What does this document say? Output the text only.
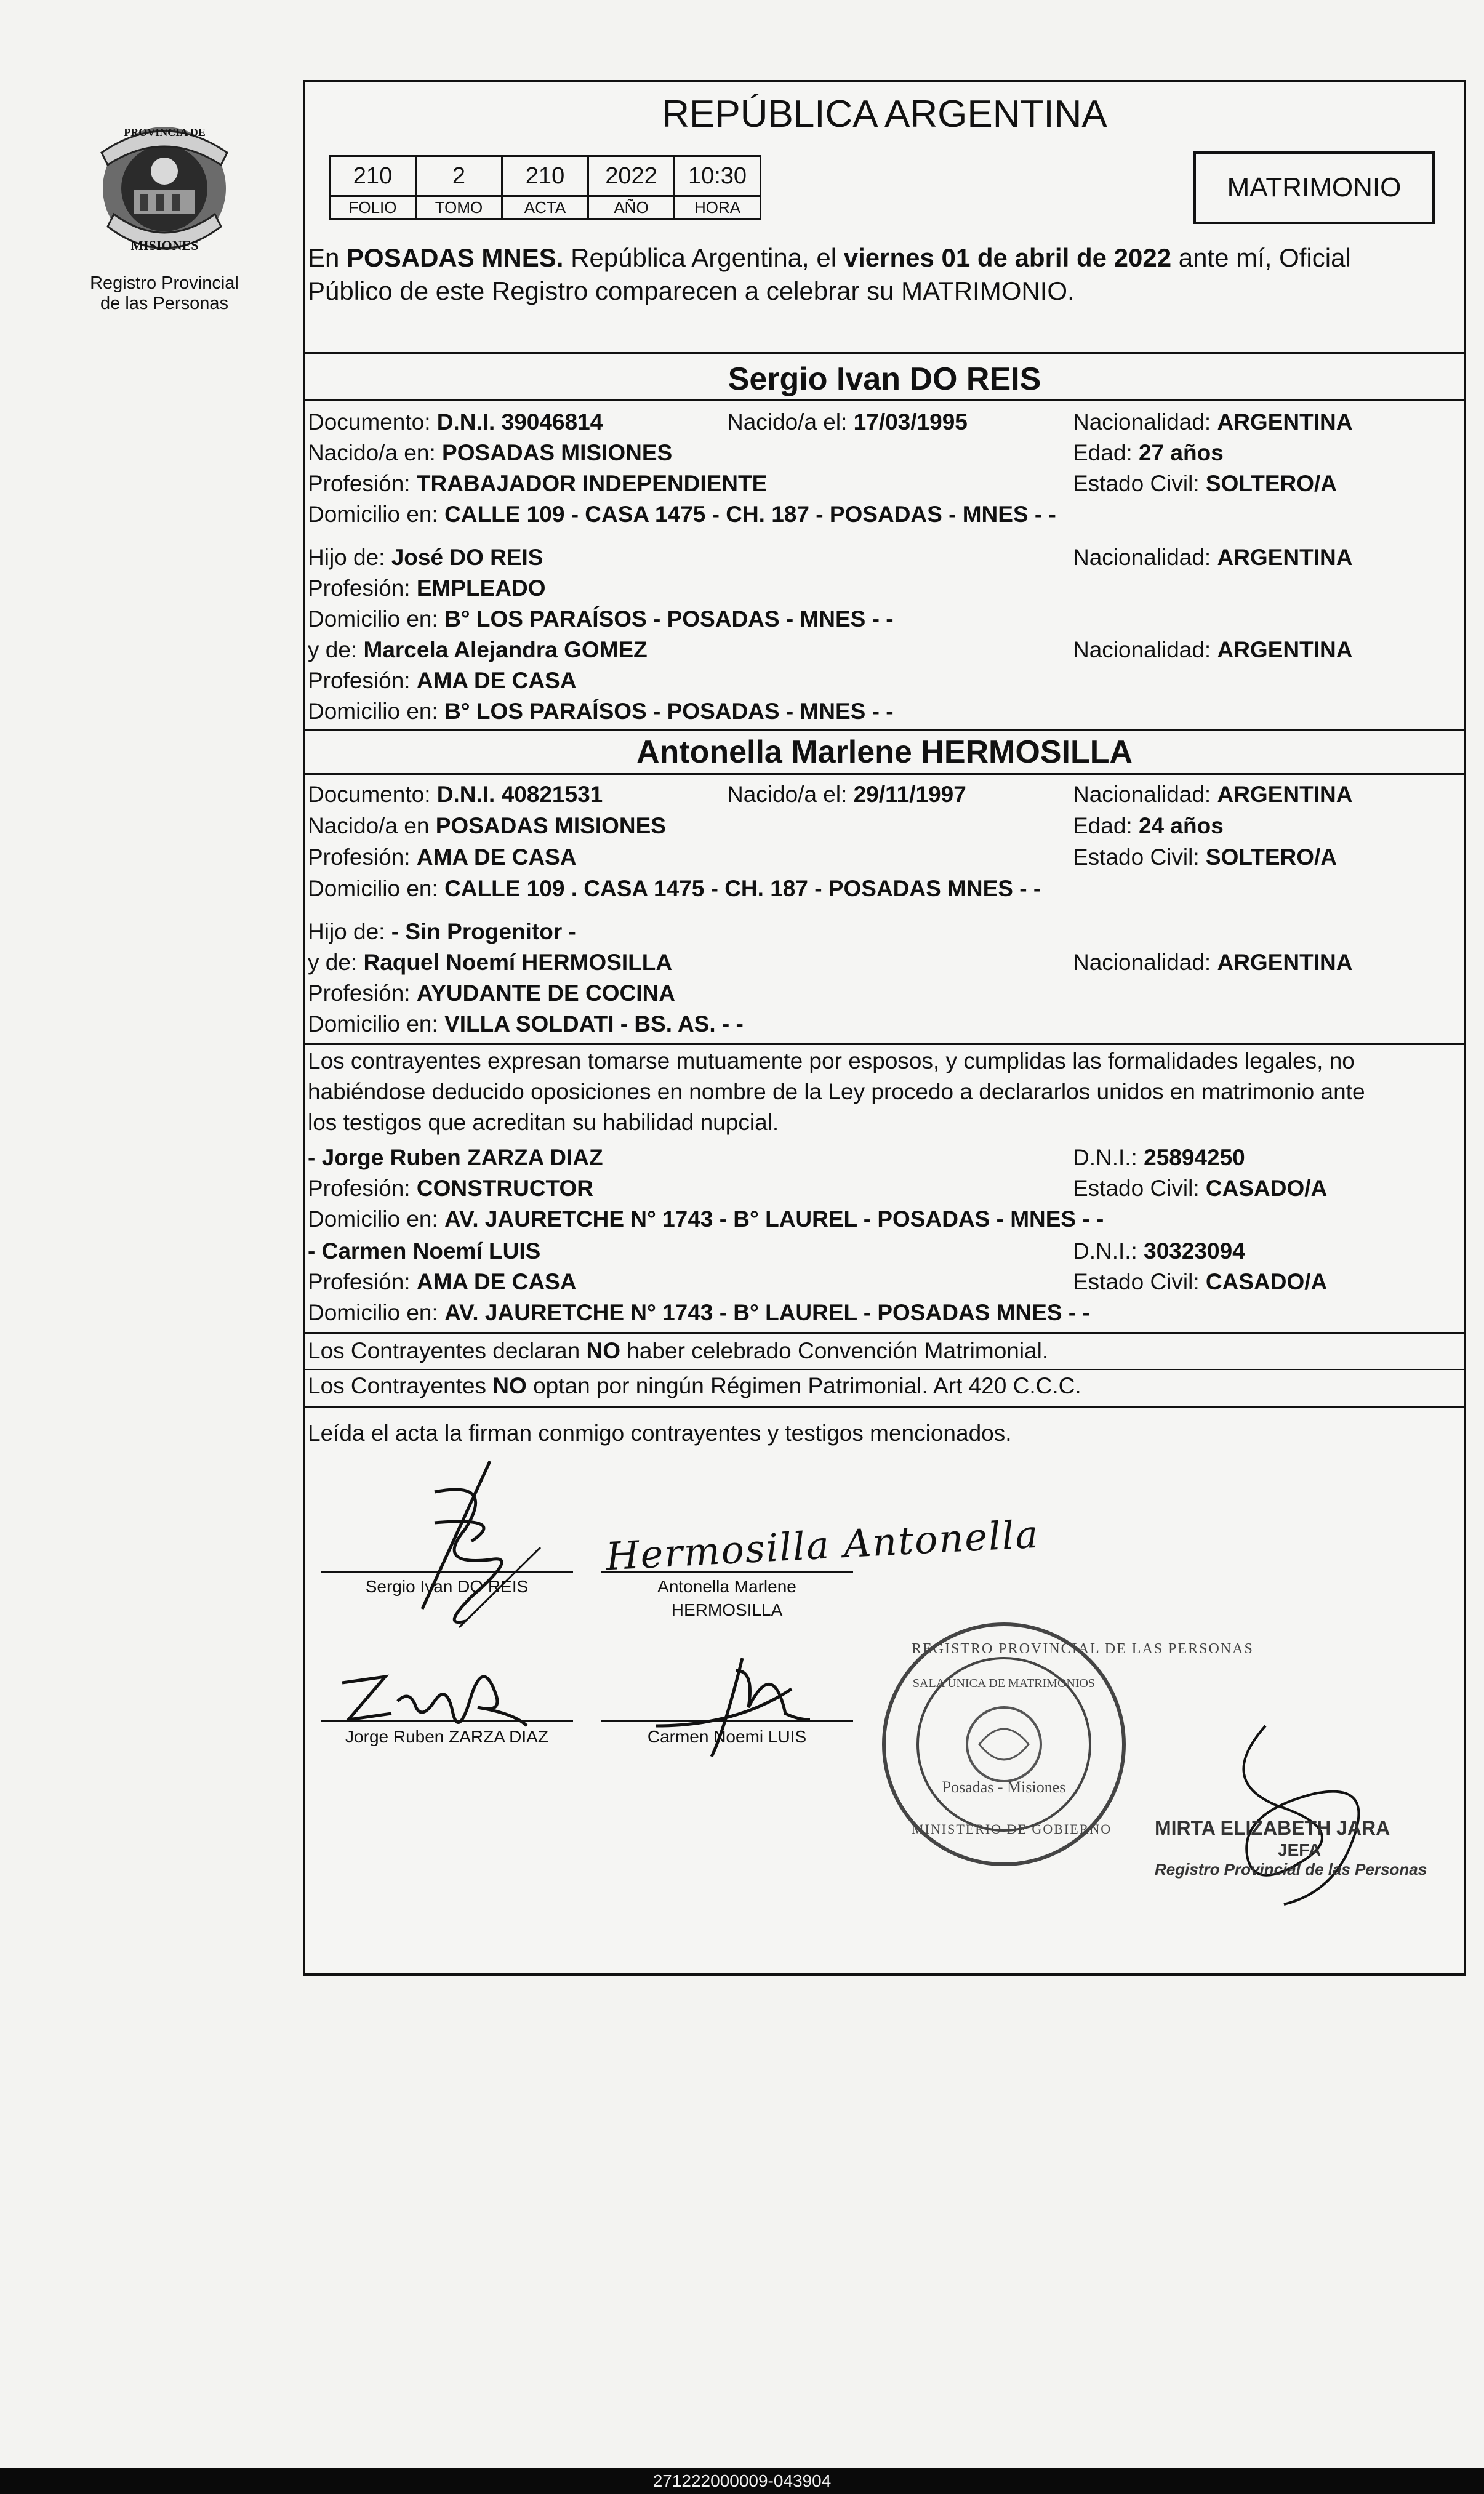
PROVINCIA DE
MISIONES
Registro Provincial
de las Personas
REPÚBLICA ARGENTINA
210	2	210	2022	10:30
FOLIO	TOMO	ACTA	AÑO	HORA
MATRIMONIO
En POSADAS MNES. República Argentina, el viernes 01 de abril de 2022 ante mí, Oficial
Público de este Registro comparecen a celebrar su MATRIMONIO.
Sergio Ivan DO REIS
Documento: D.N.I. 39046814	Nacido/a el: 17/03/1995	Nacionalidad: ARGENTINA
Nacido/a en: POSADAS MISIONES	Edad: 27 años
Profesión: TRABAJADOR INDEPENDIENTE	Estado Civil: SOLTERO/A
Domicilio en: CALLE 109 - CASA 1475 - CH. 187 - POSADAS - MNES - -
Hijo de: José DO REIS	Nacionalidad: ARGENTINA
Profesión: EMPLEADO
Domicilio en: B° LOS PARAÍSOS - POSADAS - MNES - -
y de: Marcela Alejandra GOMEZ	Nacionalidad: ARGENTINA
Profesión: AMA DE CASA
Domicilio en: B° LOS PARAÍSOS - POSADAS - MNES - -
Antonella Marlene HERMOSILLA
Documento: D.N.I. 40821531	Nacido/a el: 29/11/1997	Nacionalidad: ARGENTINA
Nacido/a en POSADAS MISIONES	Edad: 24 años
Profesión: AMA DE CASA	Estado Civil: SOLTERO/A
Domicilio en: CALLE 109 . CASA 1475 - CH. 187 - POSADAS MNES - -
Hijo de: - Sin Progenitor -
y de: Raquel Noemí HERMOSILLA	Nacionalidad: ARGENTINA
Profesión: AYUDANTE DE COCINA
Domicilio en: VILLA SOLDATI - BS. AS. - -
Los contrayentes expresan tomarse mutuamente por esposos, y cumplidas las formalidades legales, no
habiéndose deducido oposiciones en nombre de la Ley procedo a declararlos unidos en matrimonio ante
los testigos que acreditan su habilidad nupcial.
- Jorge Ruben ZARZA DIAZ	D.N.I.: 25894250
Profesión: CONSTRUCTOR	Estado Civil: CASADO/A
Domicilio en: AV. JAURETCHE N° 1743 - B° LAUREL - POSADAS - MNES - -
- Carmen Noemí LUIS	D.N.I.: 30323094
Profesión: AMA DE CASA	Estado Civil: CASADO/A
Domicilio en: AV. JAURETCHE N° 1743 - B° LAUREL - POSADAS MNES - -
Los Contrayentes declaran NO haber celebrado Convención Matrimonial.
Los Contrayentes NO optan por ningún Régimen Patrimonial. Art 420 C.C.C.
Leída el acta la firman conmigo contrayentes y testigos mencionados.
Sergio Ivan DO REIS
Hermosilla Antonella
Antonella Marlene
HERMOSILLA
Jorge Ruben ZARZA DIAZ	Carmen Noemi LUIS
REGISTRO PROVINCIAL DE LAS PERSONAS
SALA ÚNICA DE MATRIMONIOS
Posadas - Misiones
MINISTERIO DE GOBIERNO MIRTA ELIZABETH JARA
JEFA
Registro Provincial de las Personas
271222000009-043904
